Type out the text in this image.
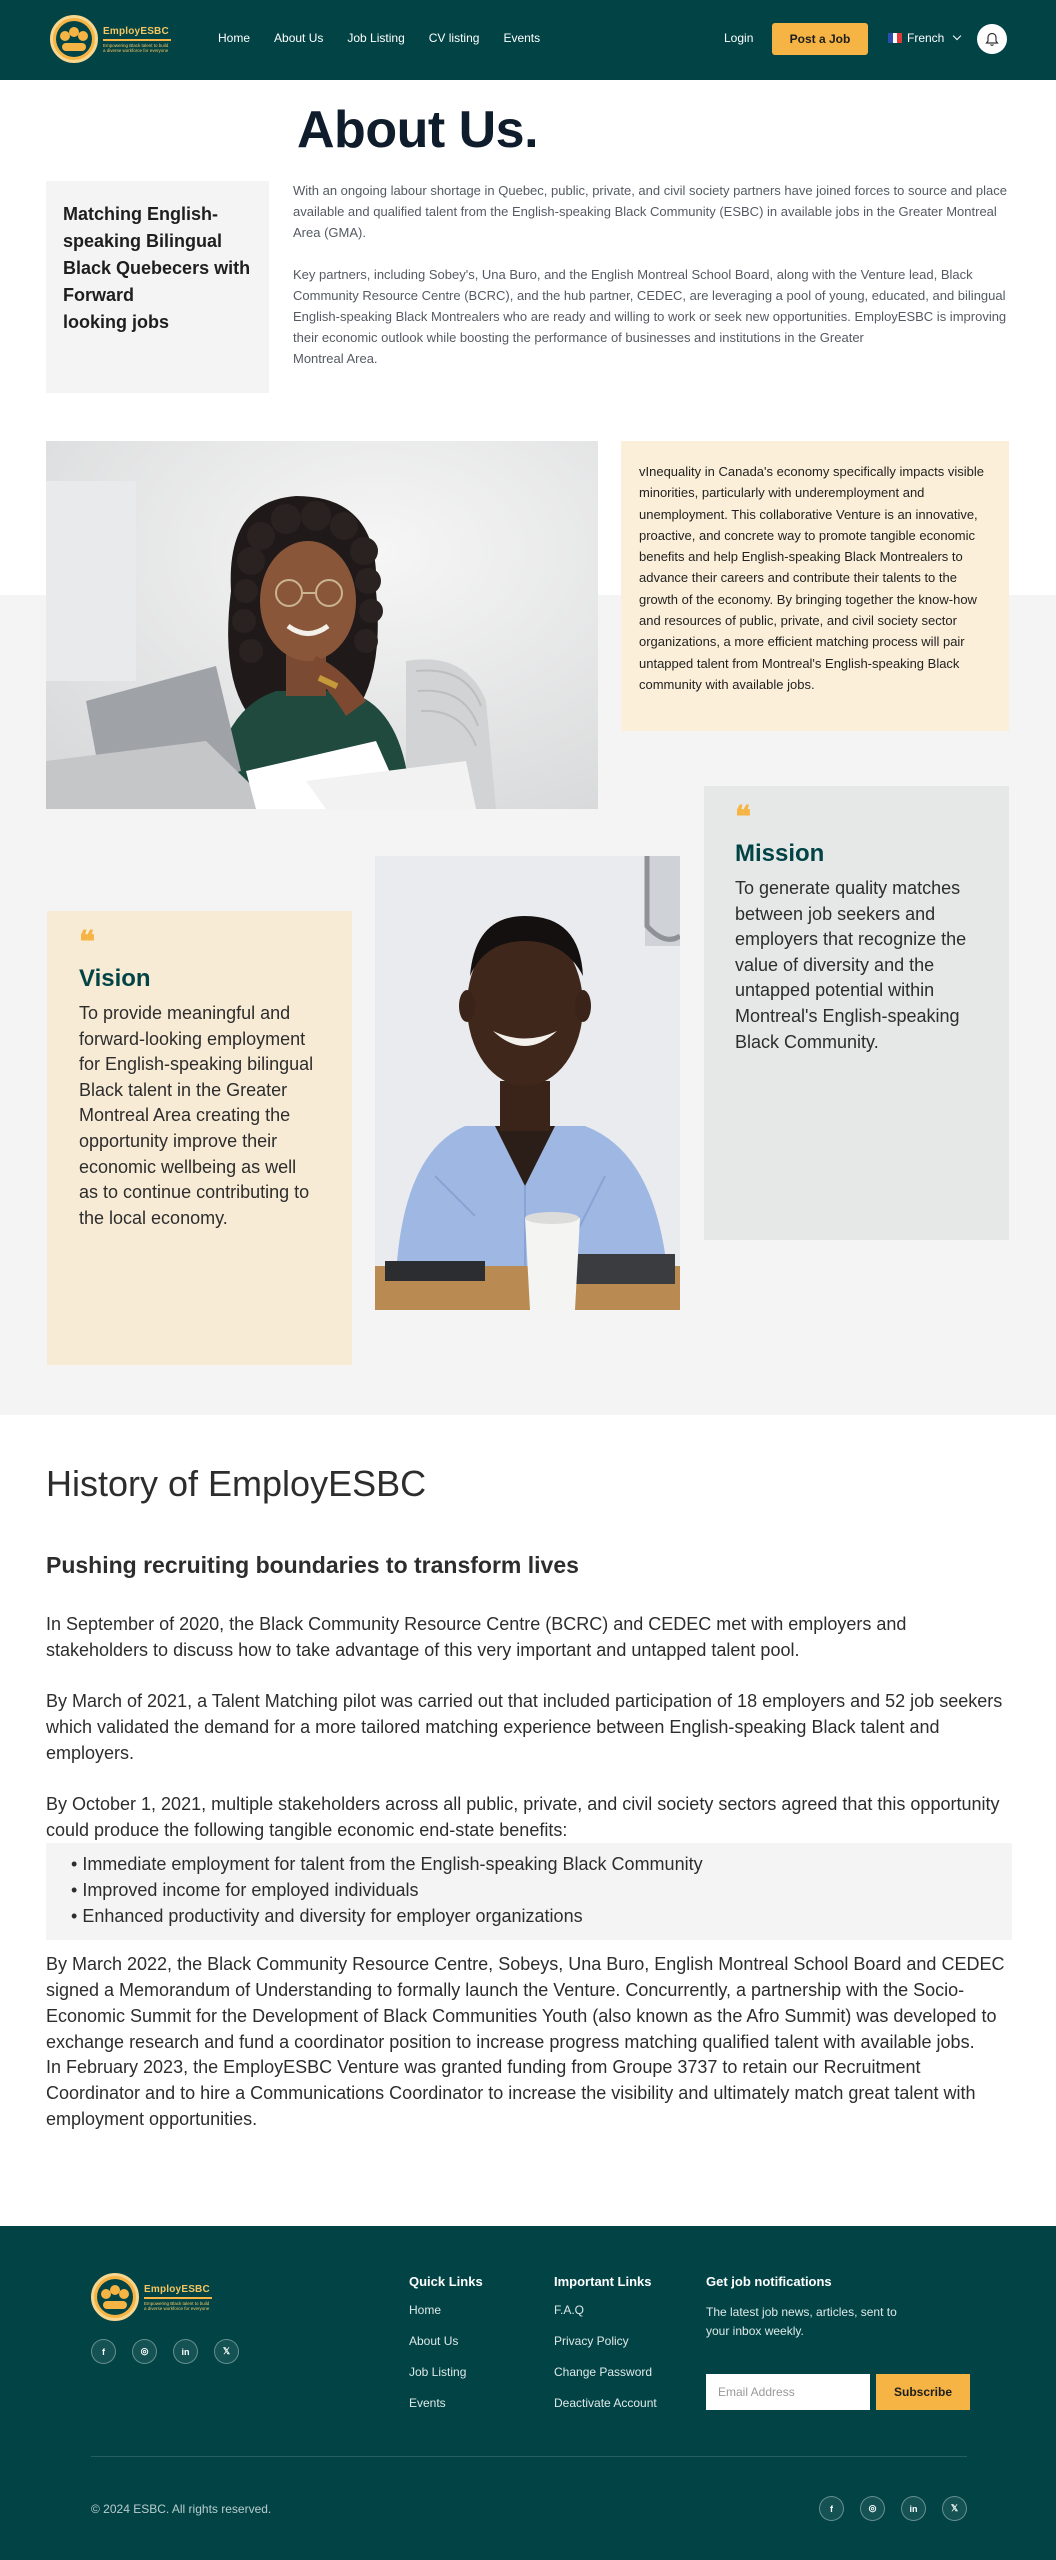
EmployESBC
Empowering Black talent to build a diverse workforce for everyone
Home About Us Job Listing CV listing Events	Login	Post a Job	French
About Us.

Matching English-
speaking Bilingual
Black Quebecers with
Forward
looking jobs

With an ongoing labour shortage in Quebec, public, private, and civil society partners have joined forces to source and place available and qualified talent from the English-speaking Black Community (ESBC) in available jobs in the Greater Montreal Area (GMA).

Key partners, including Sobey's, Una Buro, and the English Montreal School Board, along with the Venture lead, Black Community Resource Centre (BCRC), and the hub partner, CEDEC, are leveraging a pool of young, educated, and bilingual English-speaking Black Montrealers who are ready and willing to work or seek new opportunities. EmployESBC is improving their economic outlook while boosting the performance of businesses and institutions in the Greater
Montreal Area.

vInequality in Canada's economy specifically impacts visible minorities, particularly with underemployment and unemployment. This collaborative Venture is an innovative, proactive, and concrete way to promote tangible economic benefits and help English-speaking Black Montrealers to advance their careers and contribute their talents to the growth of the economy. By bringing together the know-how and resources of public, private, and civil society sector organizations, a more efficient matching process will pair untapped talent from Montreal's English-speaking Black community with available jobs.
❝
Mission
To generate quality matches between job seekers and employers that recognize the value of diversity and the untapped potential within Montreal's English-speaking Black Community.
❝
Vision
To provide meaningful and forward-looking employment for English-speaking bilingual Black talent in the Greater Montreal Area creating the opportunity improve their economic wellbeing as well as to continue contributing to the local economy.
History of EmployESBC
Pushing recruiting boundaries to transform lives

In September of 2020, the Black Community Resource Centre (BCRC) and CEDEC met with employers and stakeholders to discuss how to take advantage of this very important and untapped talent pool.

By March of 2021, a Talent Matching pilot was carried out that included participation of 18 employers and 52 job seekers which validated the demand for a more tailored matching experience between English-speaking Black talent and employers.

By October 1, 2021, multiple stakeholders across all public, private, and civil society sectors agreed that this opportunity could produce the following tangible economic end-state benefits:

• Immediate employment for talent from the English-speaking Black Community
• Improved income for employed individuals
• Enhanced productivity and diversity for employer organizations

By March 2022, the Black Community Resource Centre, Sobeys, Una Buro, English Montreal School Board and CEDEC signed a Memorandum of Understanding to formally launch the Venture. Concurrently, a partnership with the Socio-Economic Summit for the Development of Black Communities Youth (also known as the Afro Summit) was developed to exchange research and fund a coordinator position to increase progress matching qualified talent with available jobs.

In February 2023, the EmployESBC Venture was granted funding from Groupe 3737 to retain our Recruitment Coordinator and to hire a Communications Coordinator to increase the visibility and ultimately match great talent with employment opportunities.

EmployESBC
Empowering Black talent to build a diverse workforce for everyone
f	◎	in	𝕏
Quick Links
Home
About Us
Job Listing
Events
Important Links
F.A.Q
Privacy Policy
Change Password
Deactivate Account
Get job notifications
The latest job news, articles, sent to your inbox weekly.
Email Address	Subscribe
© 2024 ESBC. All rights reserved.	f	◎	in	𝕏
